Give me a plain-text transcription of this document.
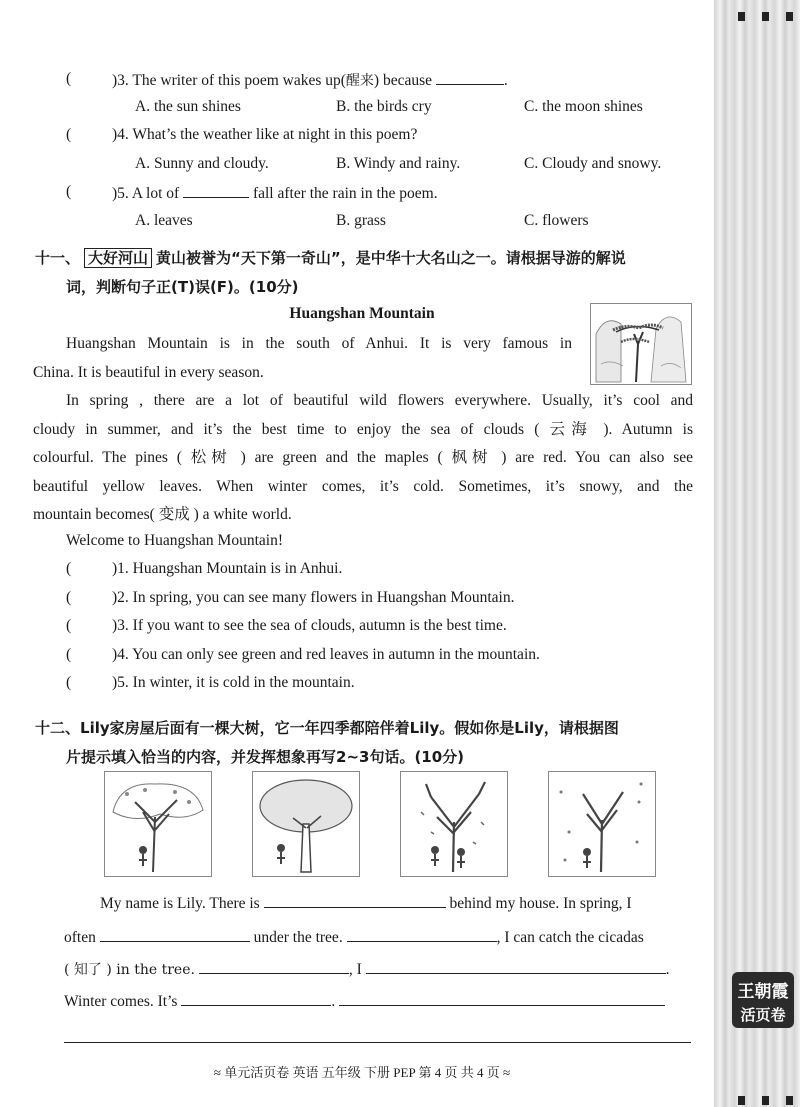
王朝霞
活页卷
(	)3. The writer of this poem wakes up(醒来) because	.
A. the sun shines	B. the birds cry	C. the moon shines
(	)4. What’s the weather like at night in this poem?
A. Sunny and cloudy.	B. Windy and rainy.	C. Cloudy and snowy.
(	)5. A lot of	fall after the rain in the poem.
A. leaves	B. grass	C. flowers
十一、 大好河山 黄山被誉为“天下第一奇山”，是中华十大名山之一。请根据导游的解说
词，判断句子正(T)误(F)。(10分)
Huangshan Mountain
Huangshan Mountain is in the south of Anhui. It is very famous in
China. It is beautiful in every season.
In spring , there are a lot of beautiful wild flowers everywhere. Usually, it’s cool and
cloudy in summer, and it’s the best time to enjoy the sea of clouds ( 云海 ). Autumn is
colourful. The pines ( 松树 ) are green and the maples ( 枫树 ) are red. You can also see
beautiful yellow leaves. When winter comes, it’s cold. Sometimes, it’s snowy, and the
mountain becomes( 变成 ) a white world.
Welcome to Huangshan Mountain!
(	)1. Huangshan Mountain is in Anhui.
(	)2. In spring, you can see many flowers in Huangshan Mountain.
(	)3. If you want to see the sea of clouds, autumn is the best time.
(	)4. You can only see green and red leaves in autumn in the mountain.
(	)5. In winter, it is cold in the mountain.
十二、Lily家房屋后面有一棵大树，它一年四季都陪伴着Lily。假如你是Lily，请根据图
片提示填入恰当的内容，并发挥想象再写2~3句话。(10分)
My name is Lily. There is	behind my house. In spring, I
often	under the tree.	, I can catch the cicadas
( 知了 ) in the tree.	, I	.
Winter comes. It’s	.
≈ 单元活页卷 英语 五年级 下册 PEP 第 4 页 共 4 页 ≈
